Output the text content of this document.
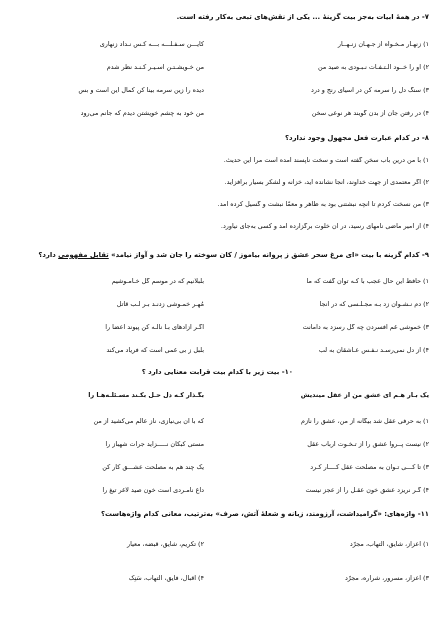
۷- در همهٔ ابیات به‌جز بیت گزینهٔ ... یکی از نقش‌های تبعی به‌کار رفته است.
۱) زنهـار مـخـواه از جـهـان زنـهــار
کایـــن سـفـلـــه بـــه کـس نـداد زنهاری
۲) او را خــود الـتـفـات نـبـودی به صید من
من خـویشـتـن اسـیـر کـنـد نظر شدم
۳) سنگ دل را سرمه کن در آسیای رنج و درد
دیده را زین سرمه بینا کن کمال این است و بس
۴) در رفتن جان از بدن گویند هر نوعی سخن
من خود به چشم خویشتن دیدم که جانم می‌رود
۸- در کدام عبارت فعل مجهول وجود ندارد؟
۱) با من درین باب سخن گفته است و سخت ناپسند آمده است مرا این حدیث.
۲) اگر معتمدی از جهت خداوند، آنجا نشانده آید، خزانه و لشکر بسیار برافزاید.
۳) من نسخت کردم تا آنچه نبشتنی بود به ظاهر و معمّا نبشت و گسیل کرده آمد.
۴) از امیر ماضی نامهای رسید، در آن خلوت برگزارده آمد و کسی به‌جای نیاورد.
۹- کدام گزینه با بیت «ای مرغ سحر عشق ز پروانه بیاموز / کان سوخته را جان شد و آواز نیامد» تقابل مفهومی دارد؟
۱) حافظ این حال عجب با کـه توان گفت که ما
بلبلانیم که در موسم گل خـامـوشیم
۲) دم نـشـوان زد بـه مجـلـسی که در آنجا
مُهـر خمـوشی زدنـد بـر لـب قاتل
۳) خموشی غم افسردن چه گل رسزد به دامانت
اگـر آزادهای بـا نالـه کن پیوند اعضا را
۴) از دل نمی‌رسـد نـفـس عـاشقان به لب
بلبل ز بی غمی است که فریاد می‌کند
۱۰- بیت زیر با کدام بیت قرابت معنایی دارد ؟
یک بـار هـم ای عشق من از عقل میندیش
بگـذار کـه دل حـل بکـند مسـئلـه‌هـا را
۱) به حرفی عقل شد بیگانه از من، عشق را نازم
که با آن بی‌نیازی، ناز عالم می‌کشید از من
۲) نیست پــروا عشق را از تـخـوت ارباب عقل
مستی کبکان نـــــزاید جرأت شهباز را
۳) تا کـــی تـوان به مصلحت عقل کــــار کـرد
یک چند هم به مصلحت عشـــق کار کن
۴) گـر نریزد عشق خون عقـل را از عجز نیست
داغ نامـردی است خون صید لاغر تیغ را
۱۱- واژه‌های: «گرامیداشت، آرزومند، زبانه و شعلهٔ آتش، صرف» به‌ترتیب، معانی کدام واژه‌هاست؟
۱) اعزاز، شایق، التهاب، مجرّد
۲) تکریم، شایق، قبضه، معیار
۳) اعزاز، مسرور، شراره، مجرّد
۴) اقبال، فایق، التهاب، سَنِک
